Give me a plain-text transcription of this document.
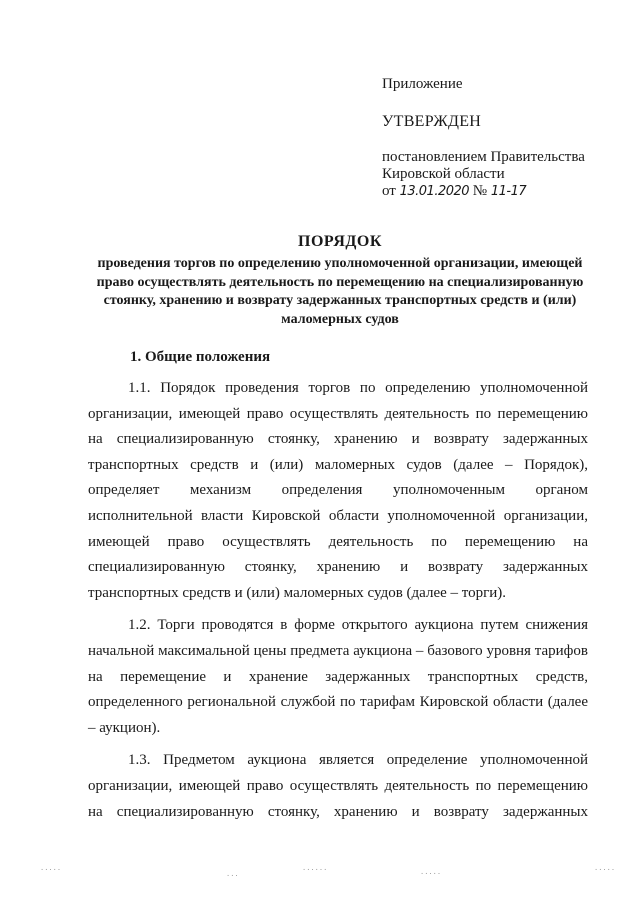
Приложение

УТВЕРЖДЕН

постановлением Правительства

Кировской области

от 13.01.2020 № 11-17

ПОРЯДОК

проведения торгов по определению уполномоченной организации, имеющей право осуществлять деятельность по перемещению на специализированную стоянку, хранению и возврату задержанных транспортных средств и (или) маломерных судов

1. Общие положения

1.1. Порядок проведения торгов по определению уполномоченной организации, имеющей право осуществлять деятельность по перемещению на специализированную стоянку, хранению и возврату задержанных транспортных средств и (или) маломерных судов (далее – Порядок), определяет механизм определения уполномоченным органом исполнительной власти Кировской области уполномоченной организации, имеющей право осуществлять деятельность по перемещению на специализированную стоянку, хранению и возврату задержанных транспортных средств и (или) маломерных судов (далее – торги).

1.2. Торги проводятся в форме открытого аукциона путем снижения начальной максимальной цены предмета аукциона – базового уровня тарифов на перемещение и хранение задержанных транспортных средств, определенного региональной службой по тарифам Кировской области (далее – аукцион).

1.3. Предметом аукциона является определение уполномоченной организации, имеющей право осуществлять деятельность по перемещению на специализированную стоянку, хранению и возврату задержанных

.....
...
......	.....	.....
